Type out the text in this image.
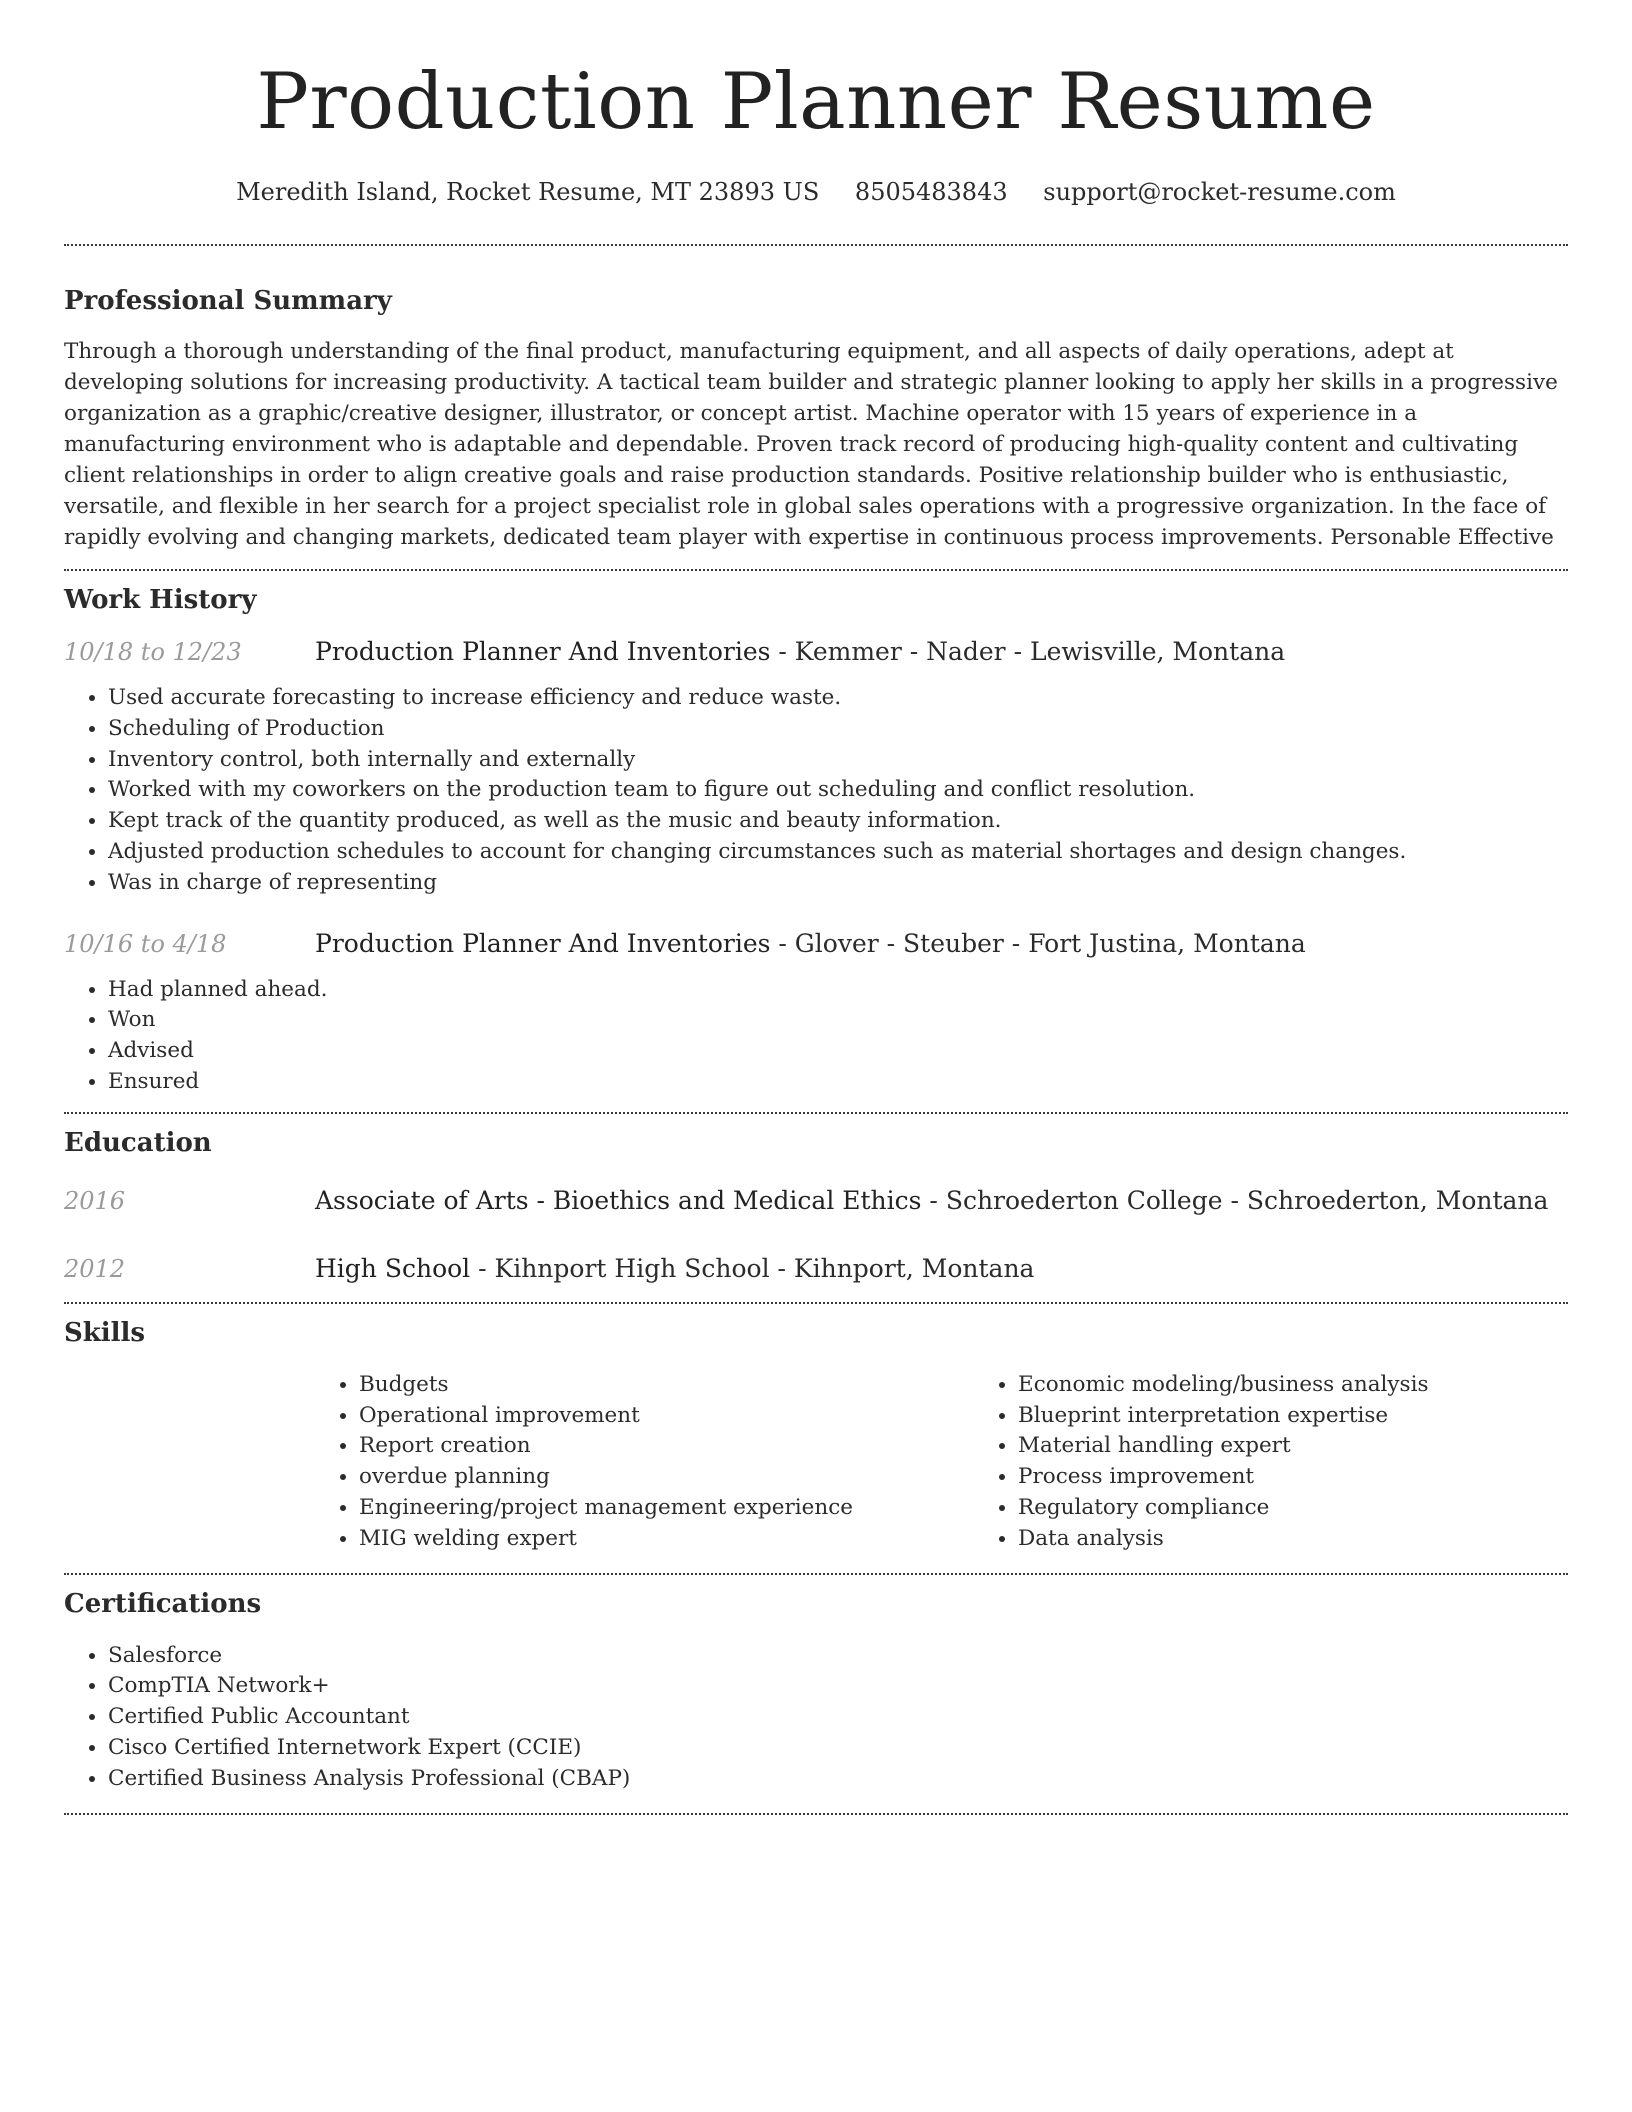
Production Planner Resume
Meredith Island, Rocket Resume, MT 23893 US 8505483843 support@rocket-resume.com
Professional Summary

Through a thorough understanding of the final product, manufacturing equipment, and all aspects of daily operations, adept at developing solutions for increasing productivity. A tactical team builder and strategic planner looking to apply her skills in a progressive organization as a graphic/creative designer, illustrator, or concept artist. Machine operator with 15 years of experience in a manufacturing environment who is adaptable and dependable. Proven track record of producing high-quality content and cultivating client relationships in order to align creative goals and raise production standards. Positive relationship builder who is enthusiastic, versatile, and flexible in her search for a project specialist role in global sales operations with a progressive organization. In the face of rapidly evolving and changing markets, dedicated team player with expertise in continuous process improvements. Personable Effective

Work History
10/18 to 12/23	Production Planner And Inventories - Kemmer - Nader - Lewisville, Montana
• Used accurate forecasting to increase efficiency and reduce waste.
• Scheduling of Production
• Inventory control, both internally and externally
• Worked with my coworkers on the production team to figure out scheduling and conflict resolution.
• Kept track of the quantity produced, as well as the music and beauty information.
• Adjusted production schedules to account for changing circumstances such as material shortages and design changes.
• Was in charge of representing
10/16 to 4/18	Production Planner And Inventories - Glover - Steuber - Fort Justina, Montana
• Had planned ahead.
• Won
• Advised
• Ensured
Education
2016	Associate of Arts - Bioethics and Medical Ethics - Schroederton College - Schroederton, Montana
2012	High School - Kihnport High School - Kihnport, Montana
Skills
• Budgets
• Operational improvement
• Report creation
• overdue planning
• Engineering/project management experience
• MIG welding expert
• Economic modeling/business analysis
• Blueprint interpretation expertise
• Material handling expert
• Process improvement
• Regulatory compliance
• Data analysis
Certifications
• Salesforce
• CompTIA Network+
• Certified Public Accountant
• Cisco Certified Internetwork Expert (CCIE)
• Certified Business Analysis Professional (CBAP)
